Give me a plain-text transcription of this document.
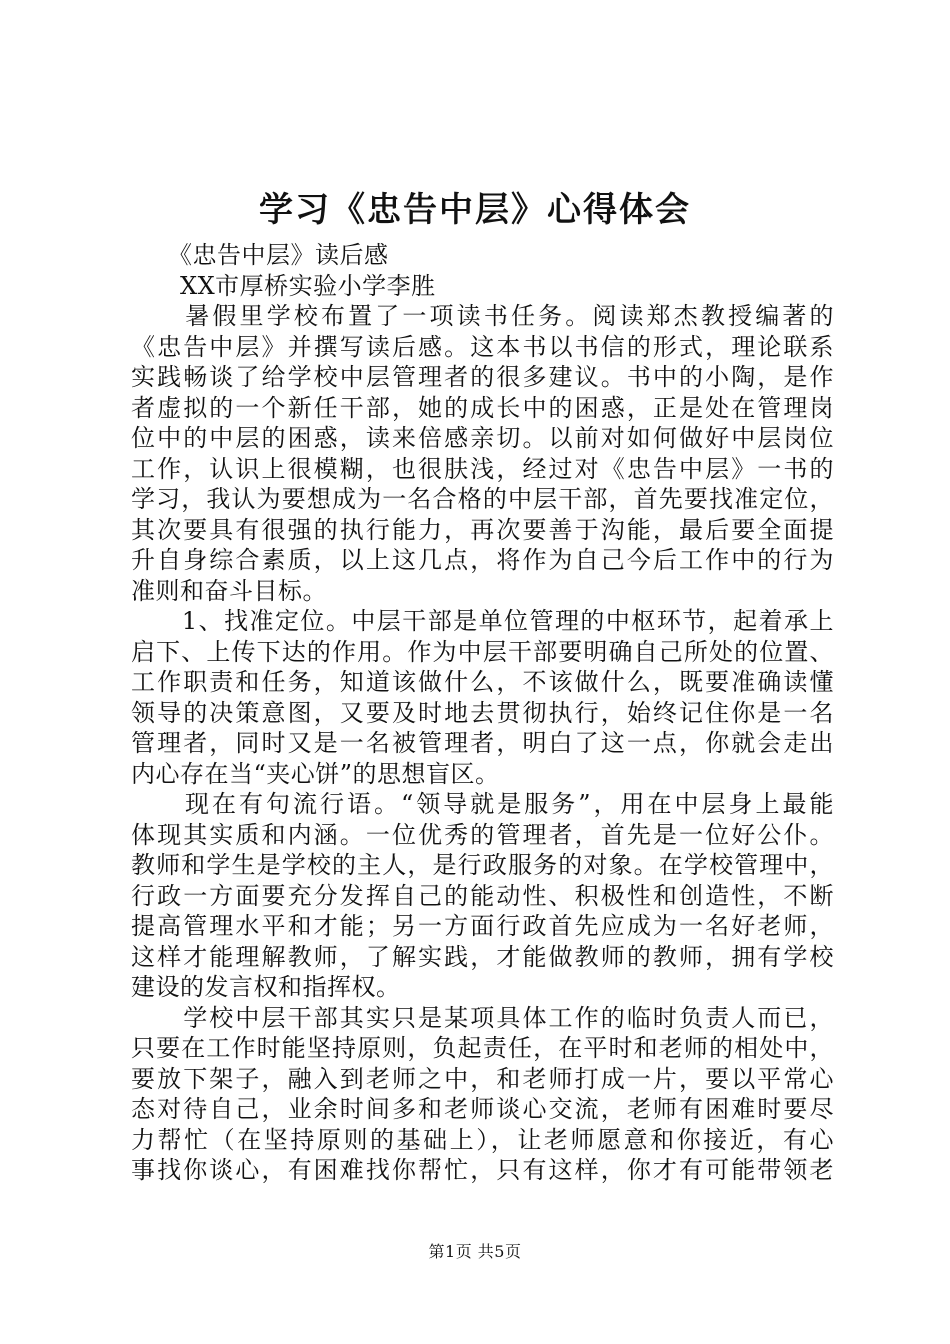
学习《忠告中层》心得体会
　　《忠告中层》读后感
　　XX市厚桥实验小学李胜
　　暑假里学校布置了一项读书任务。阅读郑杰教授编著的
《忠告中层》并撰写读后感。这本书以书信的形式，理论联系
实践畅谈了给学校中层管理者的很多建议。书中的小陶，是作
者虚拟的一个新任干部，她的成长中的困惑，正是处在管理岗
位中的中层的困惑，读来倍感亲切。以前对如何做好中层岗位
工作，认识上很模糊，也很肤浅，经过对《忠告中层》一书的
学习，我认为要想成为一名合格的中层干部，首先要找准定位，
其次要具有很强的执行能力，再次要善于沟能，最后要全面提
升自身综合素质，以上这几点，将作为自己今后工作中的行为
准则和奋斗目标。
　　1、找准定位。中层干部是单位管理的中枢环节，起着承上
启下、上传下达的作用。作为中层干部要明确自己所处的位置、
工作职责和任务，知道该做什么，不该做什么，既要准确读懂
领导的决策意图，又要及时地去贯彻执行，始终记住你是一名
管理者，同时又是一名被管理者，明白了这一点，你就会走出
内心存在当“夹心饼”的思想盲区。
　　现在有句流行语。“领导就是服务”，用在中层身上最能
体现其实质和内涵。一位优秀的管理者，首先是一位好公仆。
教师和学生是学校的主人，是行政服务的对象。在学校管理中，
行政一方面要充分发挥自己的能动性、积极性和创造性，不断
提高管理水平和才能；另一方面行政首先应成为一名好老师，
这样才能理解教师，了解实践，才能做教师的教师，拥有学校
建设的发言权和指挥权。
　　学校中层干部其实只是某项具体工作的临时负责人而已，
只要在工作时能坚持原则，负起责任，在平时和老师的相处中，
要放下架子，融入到老师之中，和老师打成一片，要以平常心
态对待自己，业余时间多和老师谈心交流，老师有困难时要尽
力帮忙（在坚持原则的基础上），让老师愿意和你接近，有心
事找你谈心，有困难找你帮忙，只有这样，你才有可能带领老
第1页 共5页
